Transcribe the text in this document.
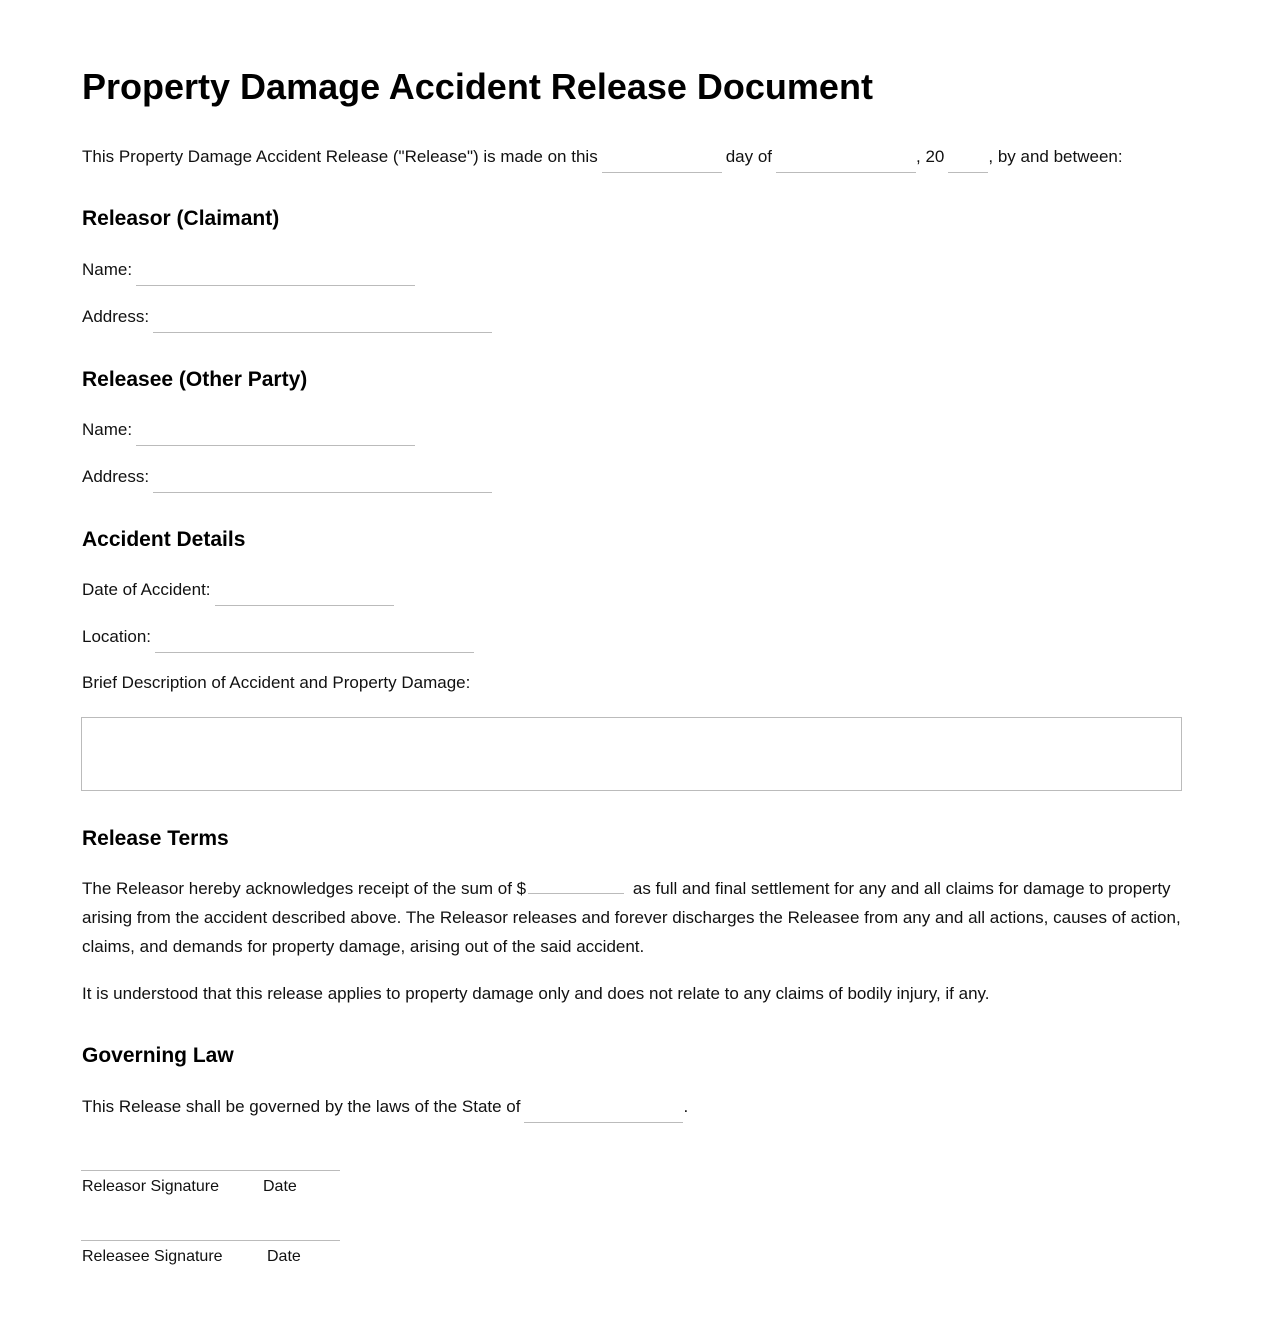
Property Damage Accident Release Document
This Property Damage Accident Release ("Release") is made on this	day of	, 20	, by and between:
Releasor (Claimant)
Name:
Address:
Releasee (Other Party)
Name:
Address:
Accident Details
Date of Accident:
Location:
Brief Description of Accident and Property Damage:
Release Terms
The Releasor hereby acknowledges receipt of the sum of $	as full and final settlement for any and all claims for damage to property arising from the accident described above. The Releasor releases and forever discharges the Releasee from any and all actions, causes of action, claims, and demands for property damage, arising out of the said accident.
It is understood that this release applies to property damage only and does not relate to any claims of bodily injury, if any.
Governing Law
This Release shall be governed by the laws of the State of	.
Releasor Signature	Date
Releasee Signature	Date
